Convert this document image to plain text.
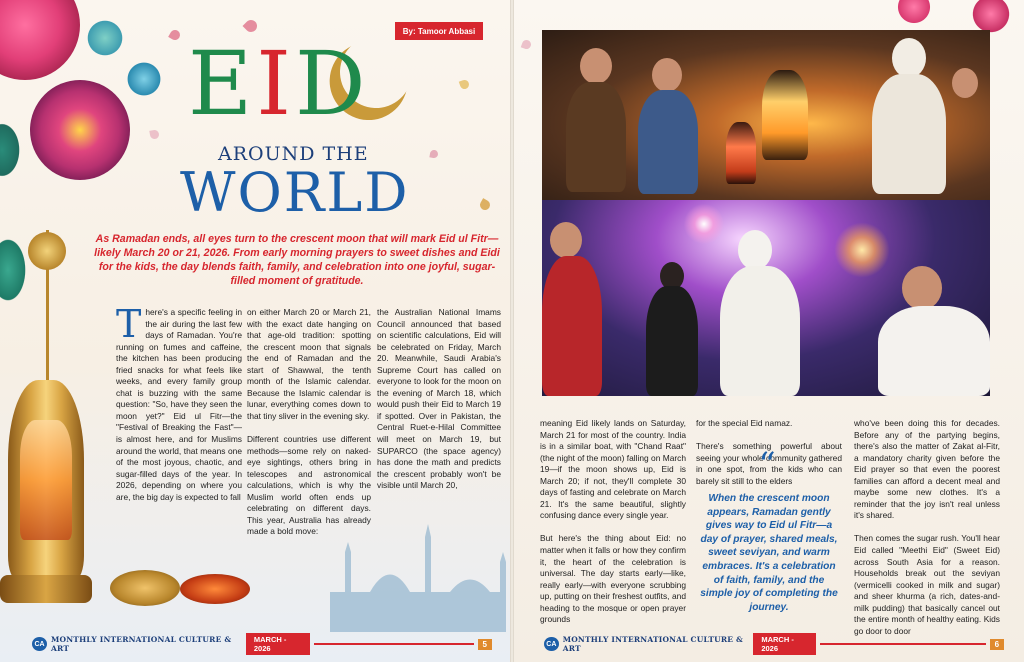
By: Tamoor Abbasi
EID
AROUND THE
WORLD
As Ramadan ends, all eyes turn to the crescent moon that will mark Eid ul Fitr—likely March 20 or 21, 2026. From early morning prayers to sweet dishes and Eidi for the kids, the day blends faith, family, and celebration into one joyful, sugar-filled moment of gratitude.
T here's a specific feeling in the air during the last few days of Ramadan. You're running on fumes and caffeine, the kitchen has been producing fried snacks for what feels like weeks, and every family group chat is buzzing with the same question: "So, have they seen the moon yet?" Eid ul Fitr—the "Festival of Breaking the Fast"—is almost here, and for Muslims around the world, that means one of the most joyous, chaotic, and sugar-filled days of the year. In 2026, depending on where you are, the big day is expected to fall

on either March 20 or March 21, with the exact date hanging on that age-old tradition: spotting the crescent moon that signals the end of Ramadan and the start of Shawwal, the tenth month of the Islamic calendar. Because the Islamic calendar is lunar, everything comes down to that tiny sliver in the evening sky.

Different countries use different methods—some rely on naked-eye sightings, others bring in telescopes and astronomical calculations, which is why the Muslim world often ends up celebrating on different days. This year, Australia has already made a bold move:

the Australian National Imams Council announced that based on scientific calculations, Eid will be celebrated on Friday, March 20. Meanwhile, Saudi Arabia's Supreme Court has called on everyone to look for the moon on the evening of March 18, which would push their Eid to March 19 if spotted. Over in Pakistan, the Central Ruet-e-Hilal Committee will meet on March 19, but SUPARCO (the space agency) has done the math and predicts the crescent probably won't be visible until March 20,

CA MONTHLY INTERNATIONAL CULTURE & ART
MARCH - 2026	5

meaning Eid likely lands on Saturday, March 21 for most of the country. India is in a similar boat, with "Chand Raat" (the night of the moon) falling on March 19—if the moon shows up, Eid is March 20; if not, they'll complete 30 days of fasting and celebrate on March 21. It's the same beautiful, slightly confusing dance every single year.

But here's the thing about Eid: no matter when it falls or how they confirm it, the heart of the celebration is universal. The day starts early—like, really early—with everyone scrubbing up, putting on their freshest outfits, and heading to the mosque or open prayer grounds

for the special Eid namaz.

There's something powerful about seeing your whole community gathered in one spot, from the kids who can barely sit still to the elders

“
When the crescent moon appears, Ramadan gently gives way to Eid ul Fitr—a day of prayer, shared meals, sweet seviyan, and warm embraces. It's a celebration of faith, family, and the simple joy of completing the journey.

who've been doing this for decades. Before any of the partying begins, there's also the matter of Zakat al-Fitr, a mandatory charity given before the Eid prayer so that even the poorest families can afford a decent meal and maybe some new clothes. It's a reminder that the joy isn't real unless it's shared.

Then comes the sugar rush. You'll hear Eid called "Meethi Eid" (Sweet Eid) across South Asia for a reason. Households break out the seviyan (vermicelli cooked in milk and sugar) and sheer khurma (a rich, dates-and-milk pudding) that basically cancel out the entire month of healthy eating. Kids go door to door

CA MONTHLY INTERNATIONAL CULTURE & ART
MARCH - 2026	6
